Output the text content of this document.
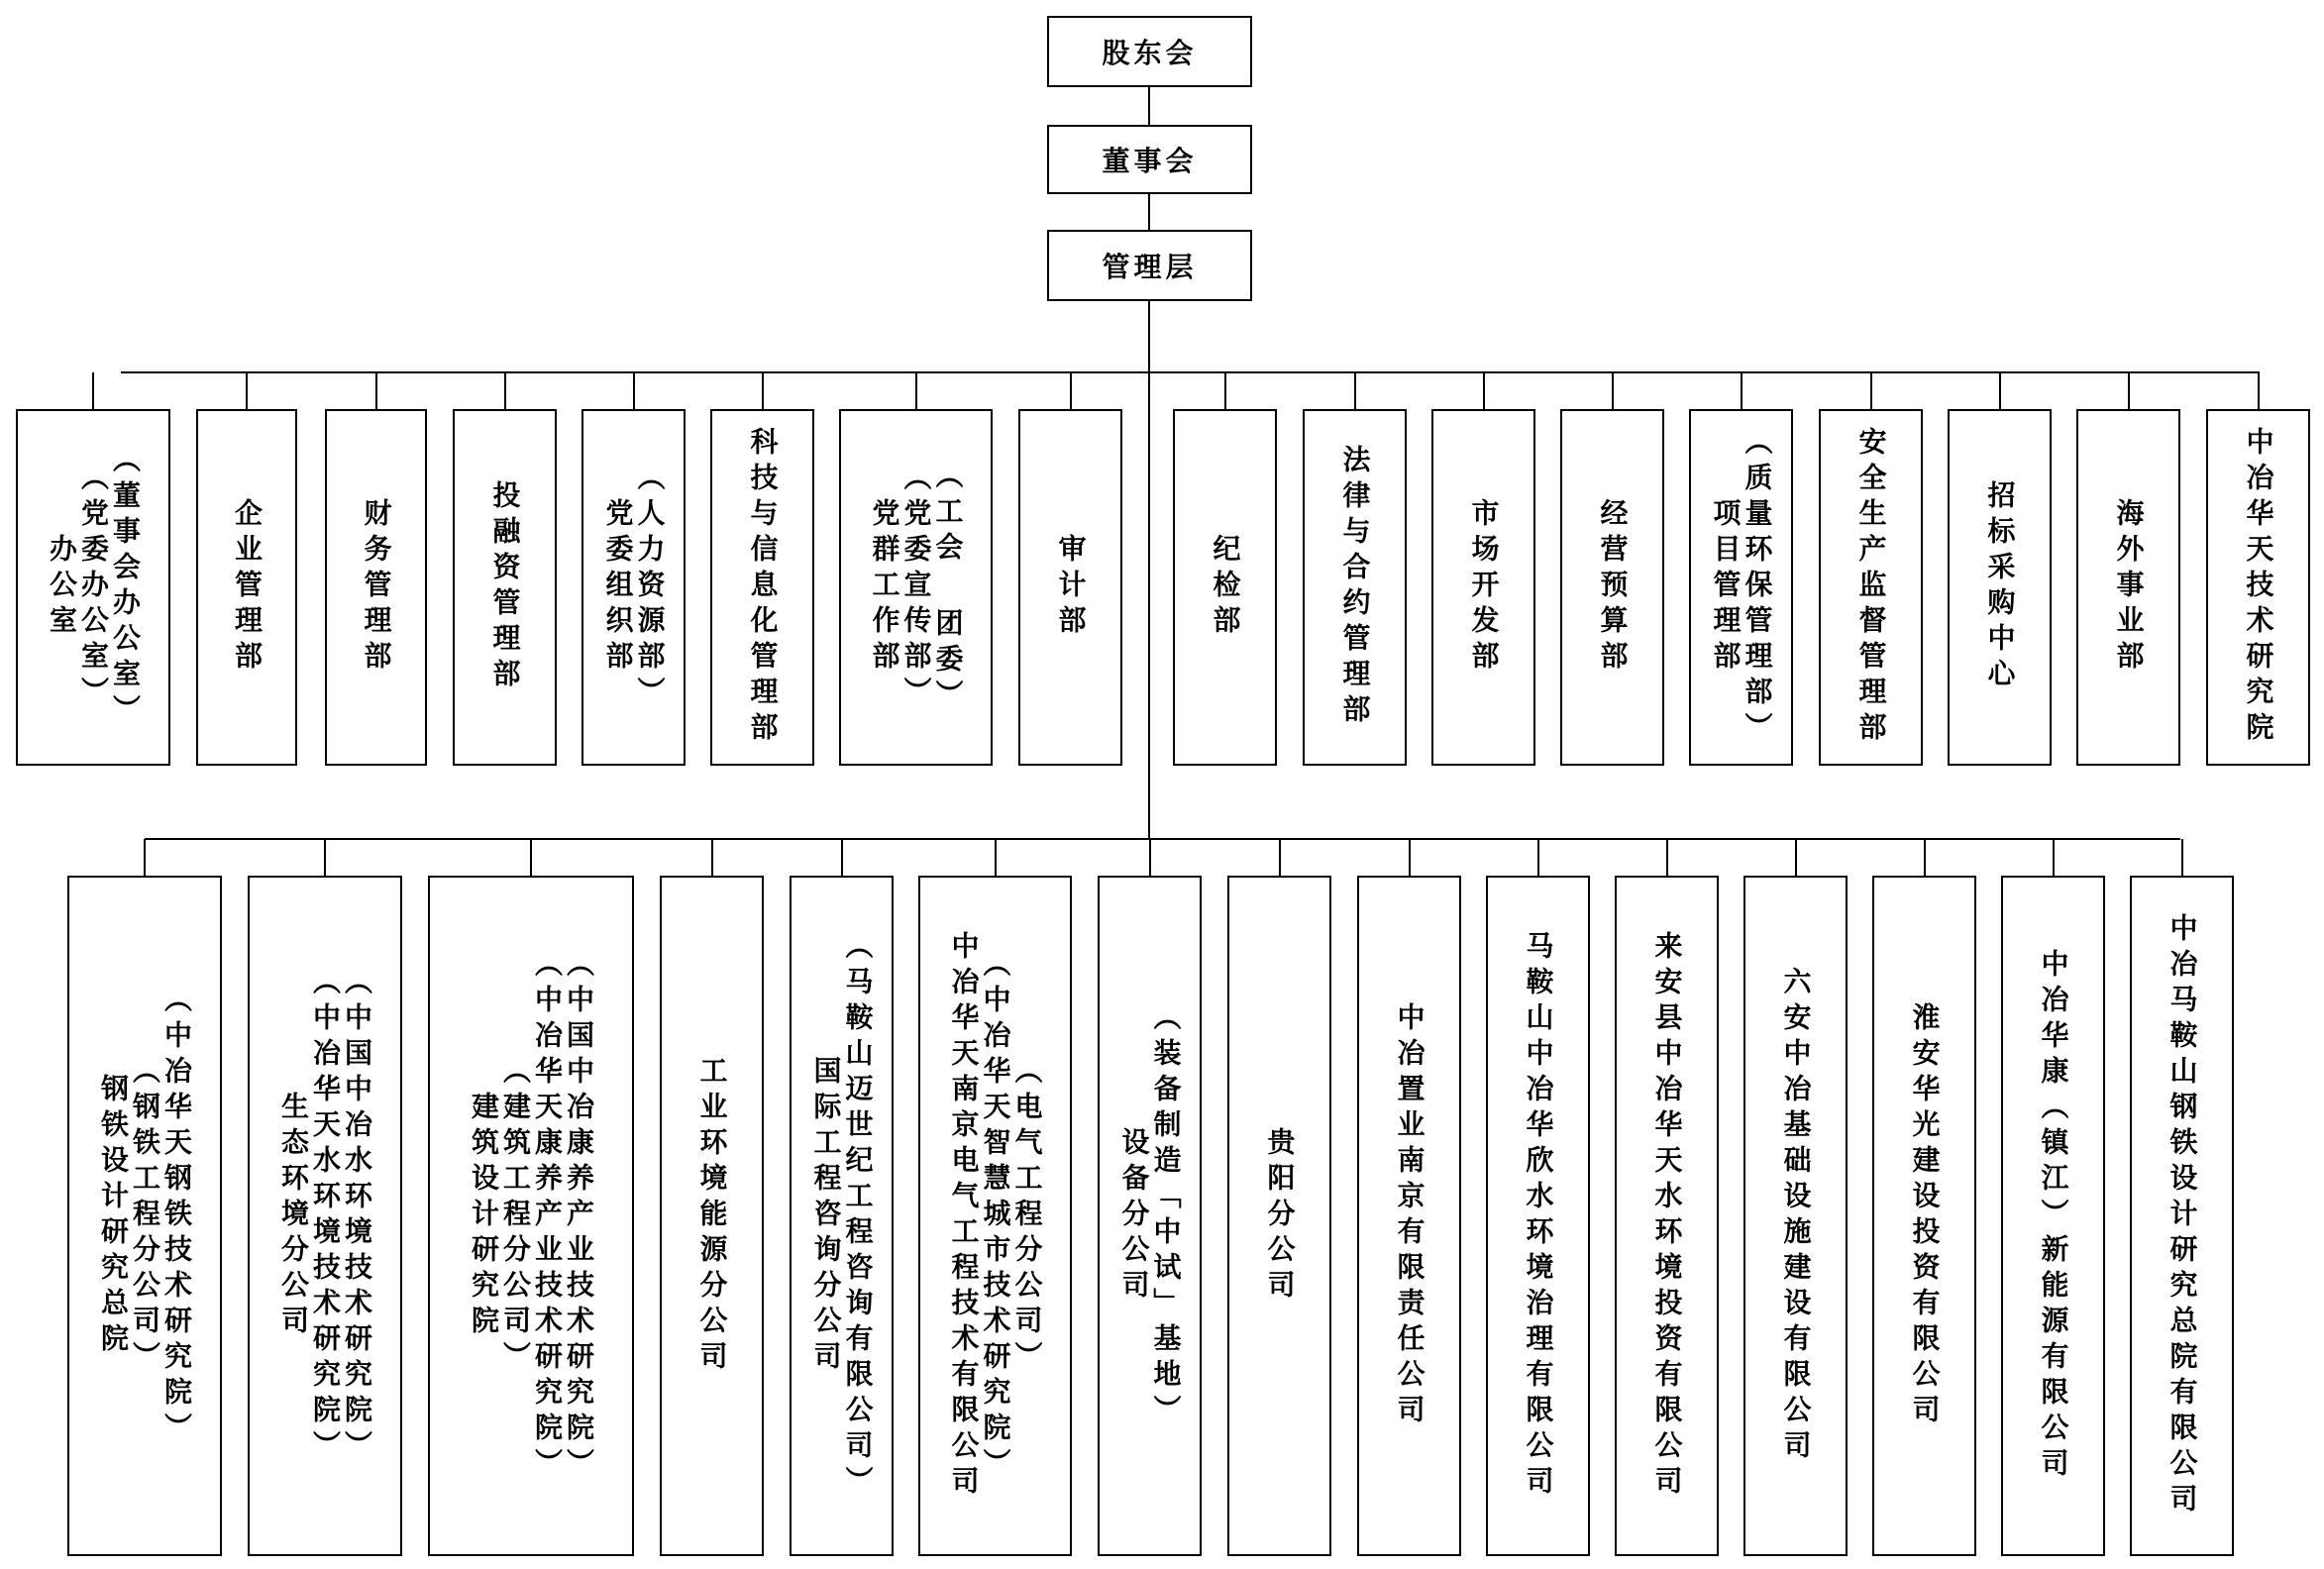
股东会
董事会
管理层
（董事会办公室）
（党委办公室）
办公室	企业管理部	财务管理部	投融资管理部	（人力资源部）
党委组织部	科技与信息化管理部	（工会 团委）
（党委宣传部）
党群工作部	审计部	纪检部	法律与合约管理部	市场开发部	经营预算部	（质量环保管理部）
项目管理部	安全生产监督管理部	招标采购中心	海外事业部	中冶华天技术研究院
（中冶华天钢铁技术研究院）
（钢铁工程分公司）
钢铁设计研究总院	（中国中冶水环境技术研究院）
（中冶华天水环境技术研究院）
生态环境分公司	（中国中冶康养产业技术研究院）
（中冶华天康养产业技术研究院）
（建筑工程分公司）
建筑设计研究院	工业环境能源分公司	（马鞍山迈世纪工程咨询有限公司）
国际工程咨询分公司	（电气工程分公司）
（中冶华天智慧城市技术研究院）
中冶华天南京电气工程技术有限公司	（装备制造「中试」基地）
设备分公司	贵阳分公司	中冶置业南京有限责任公司	马鞍山中冶华欣水环境治理有限公司	来安县中冶华天水环境投资有限公司	六安中冶基础设施建设有限公司	淮安华光建设投资有限公司	中冶华康（镇江）新能源有限公司	中冶马鞍山钢铁设计研究总院有限公司
